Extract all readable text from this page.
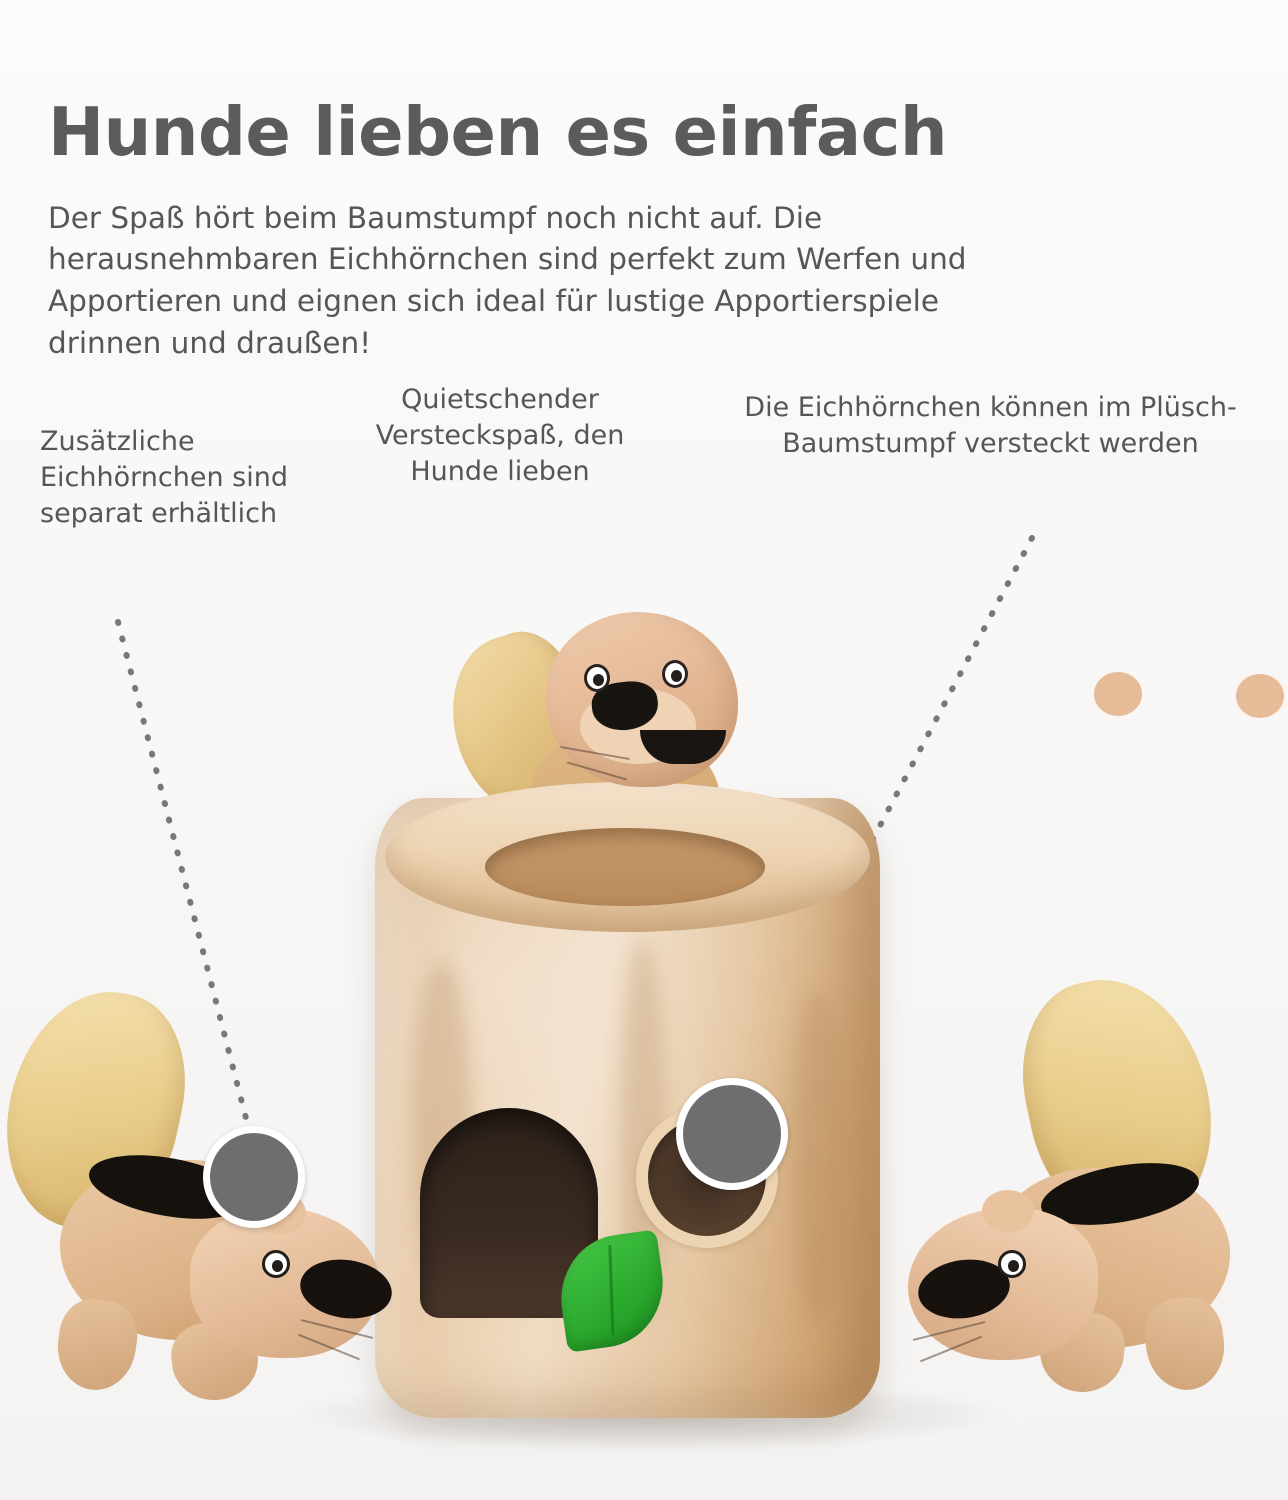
Hunde lieben es einfach

Der Spaß hört beim Baumstumpf noch nicht auf. Die herausnehmbaren Eichhörnchen sind perfekt zum Werfen und Apportieren und eignen sich ideal für lustige Apportierspiele drinnen und draußen!

Zusätzliche Eichhörnchen sind separat erhältlich
Quietschender Versteckspaß, den Hunde lieben
Die Eichhörnchen können im Plüsch-Baumstumpf versteckt werden
